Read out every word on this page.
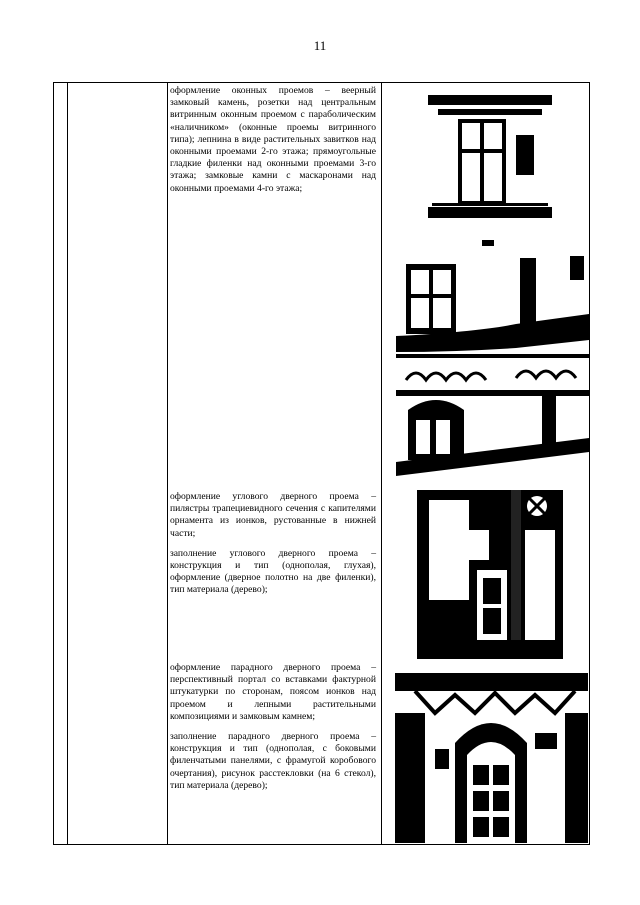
11

оформление оконных проемов – веерный замковый камень, розетки над центральным витринным оконным проемом с параболическим «наличником» (оконные проемы витринного типа); лепнина в виде растительных завитков над оконными проемами 2-го этажа; прямоугольные гладкие филенки над оконными проемами 3-го этажа; замковые камни с маскаронами над оконными проемами 4-го этажа;

оформление углового дверного проема – пилястры трапециевидного сечения с капителями орнамента из ионков, рустованные в нижней части;

заполнение углового дверного проема – конструкция и тип (однополая, глухая), оформление (дверное полотно на две филенки), тип материала (дерево);

оформление парадного дверного проема – перспективный портал со вставками фактурной штукатурки по сторонам, поясом ионков над проемом и лепными растительными композициями и замковым камнем;

заполнение парадного дверного проема – конструкция и тип (однополая, с боковыми филенчатыми панелями, с фрамугой коробового очертания), рисунок расстекловки (на 6 стекол), тип материала (дерево);
